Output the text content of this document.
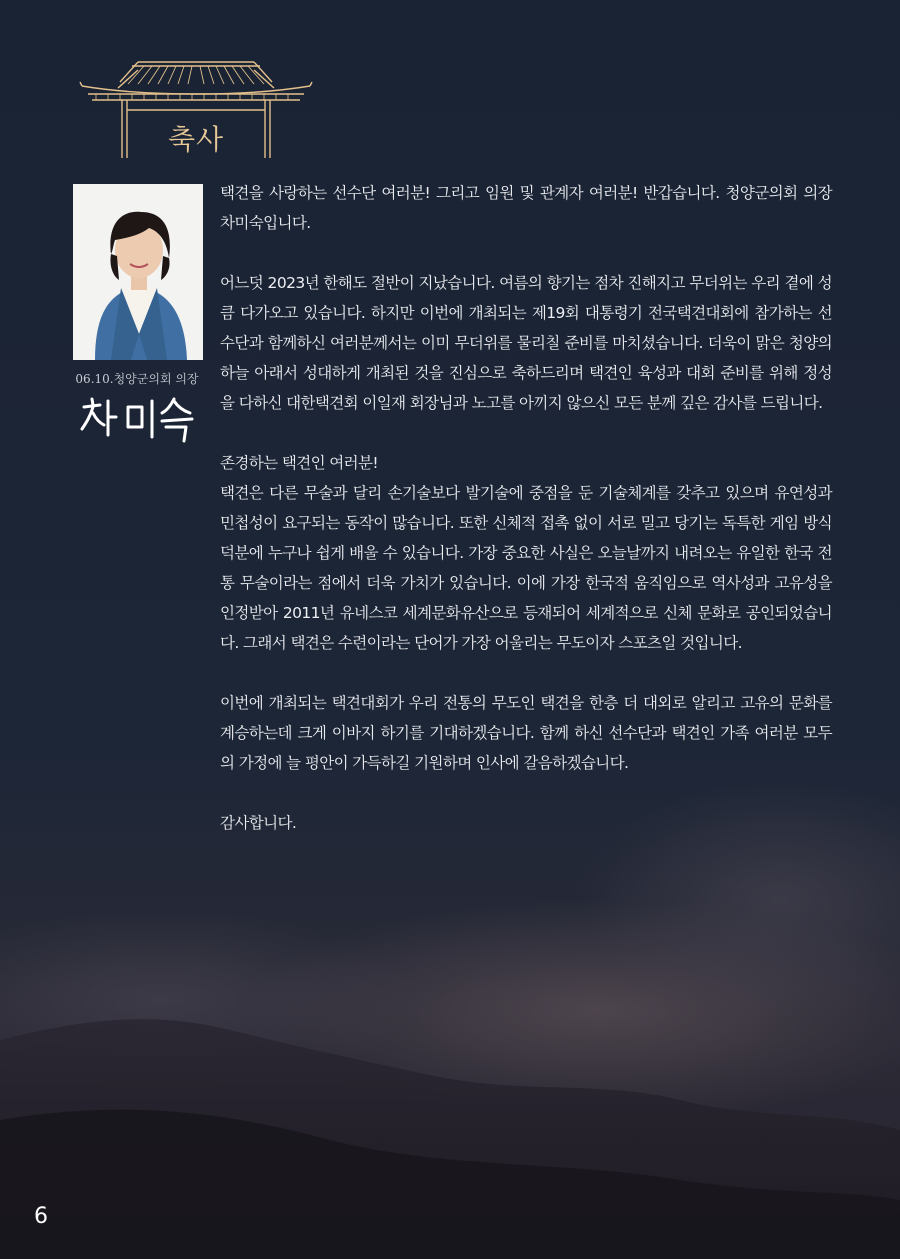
축사
06.10.청양군의회 의장

택견을 사랑하는 선수단 여러분! 그리고 임원 및 관계자 여러분! 반갑습니다. 청양군의회 의장 차미숙입니다.

어느덧 2023년 한해도 절반이 지났습니다. 여름의 향기는 점차 진해지고 무더위는 우리 곁에 성큼 다가오고 있습니다. 하지만 이번에 개최되는 제19회 대통령기 전국택견대회에 참가하는 선수단과 함께하신 여러분께서는 이미 무더위를 물리칠 준비를 마치셨습니다. 더욱이 맑은 청양의 하늘 아래서 성대하게 개최된 것을 진심으로 축하드리며 택견인 육성과 대회 준비를 위해 정성을 다하신 대한택견회 이일재 회장님과 노고를 아끼지 않으신 모든 분께 깊은 감사를 드립니다.

존경하는 택견인 여러분!
택견은 다른 무술과 달리 손기술보다 발기술에 중점을 둔 기술체계를 갖추고 있으며 유연성과 민첩성이 요구되는 동작이 많습니다. 또한 신체적 접촉 없이 서로 밀고 당기는 독특한 게임 방식 덕분에 누구나 쉽게 배울 수 있습니다. 가장 중요한 사실은 오늘날까지 내려오는 유일한 한국 전통 무술이라는 점에서 더욱 가치가 있습니다. 이에 가장 한국적 움직임으로 역사성과 고유성을 인정받아 2011년 유네스코 세계문화유산으로 등재되어 세계적으로 신체 문화로 공인되었습니다. 그래서 택견은 수련이라는 단어가 가장 어울리는 무도이자 스포츠일 것입니다.

이번에 개최되는 택견대회가 우리 전통의 무도인 택견을 한층 더 대외로 알리고 고유의 문화를 계승하는데 크게 이바지 하기를 기대하겠습니다. 함께 하신 선수단과 택견인 가족 여러분 모두의 가정에 늘 평안이 가득하길 기원하며 인사에 갈음하겠습니다.

감사합니다.

6
